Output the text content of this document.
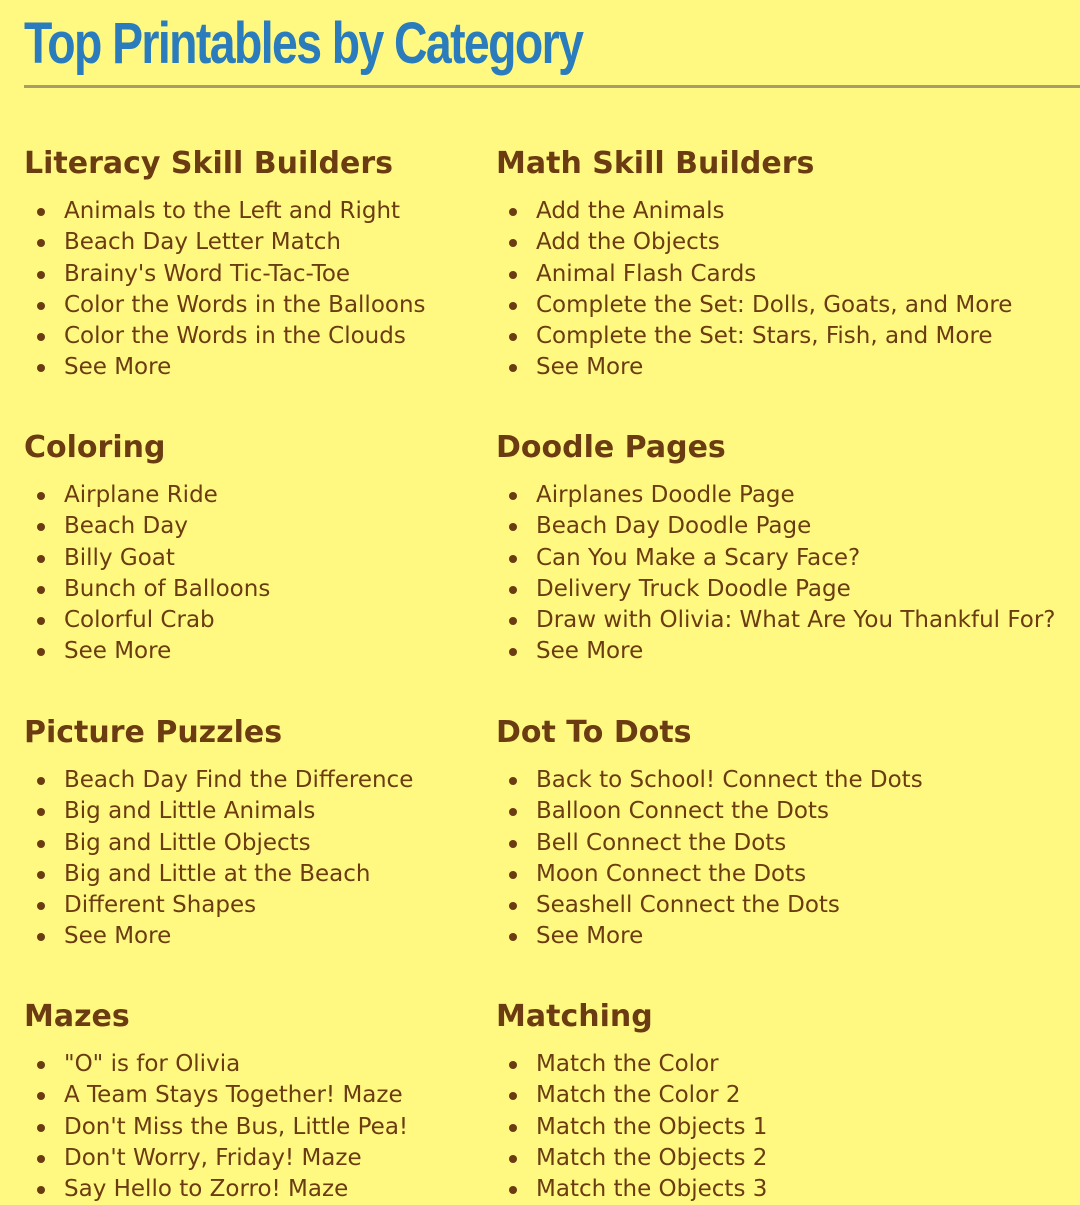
Top Printables by Category
Literacy Skill Builders
Animals to the Left and Right
Beach Day Letter Match
Brainy's Word Tic-Tac-Toe
Color the Words in the Balloons
Color the Words in the Clouds
See More
Math Skill Builders
Add the Animals
Add the Objects
Animal Flash Cards
Complete the Set: Dolls, Goats, and More
Complete the Set: Stars, Fish, and More
See More
Coloring
Airplane Ride
Beach Day
Billy Goat
Bunch of Balloons
Colorful Crab
See More
Doodle Pages
Airplanes Doodle Page
Beach Day Doodle Page
Can You Make a Scary Face?
Delivery Truck Doodle Page
Draw with Olivia: What Are You Thankful For?
See More
Picture Puzzles
Beach Day Find the Difference
Big and Little Animals
Big and Little Objects
Big and Little at the Beach
Different Shapes
See More
Dot To Dots
Back to School! Connect the Dots
Balloon Connect the Dots
Bell Connect the Dots
Moon Connect the Dots
Seashell Connect the Dots
See More
Mazes
"O" is for Olivia
A Team Stays Together! Maze
Don't Miss the Bus, Little Pea!
Don't Worry, Friday! Maze
Say Hello to Zorro! Maze
Matching
Match the Color
Match the Color 2
Match the Objects 1
Match the Objects 2
Match the Objects 3
